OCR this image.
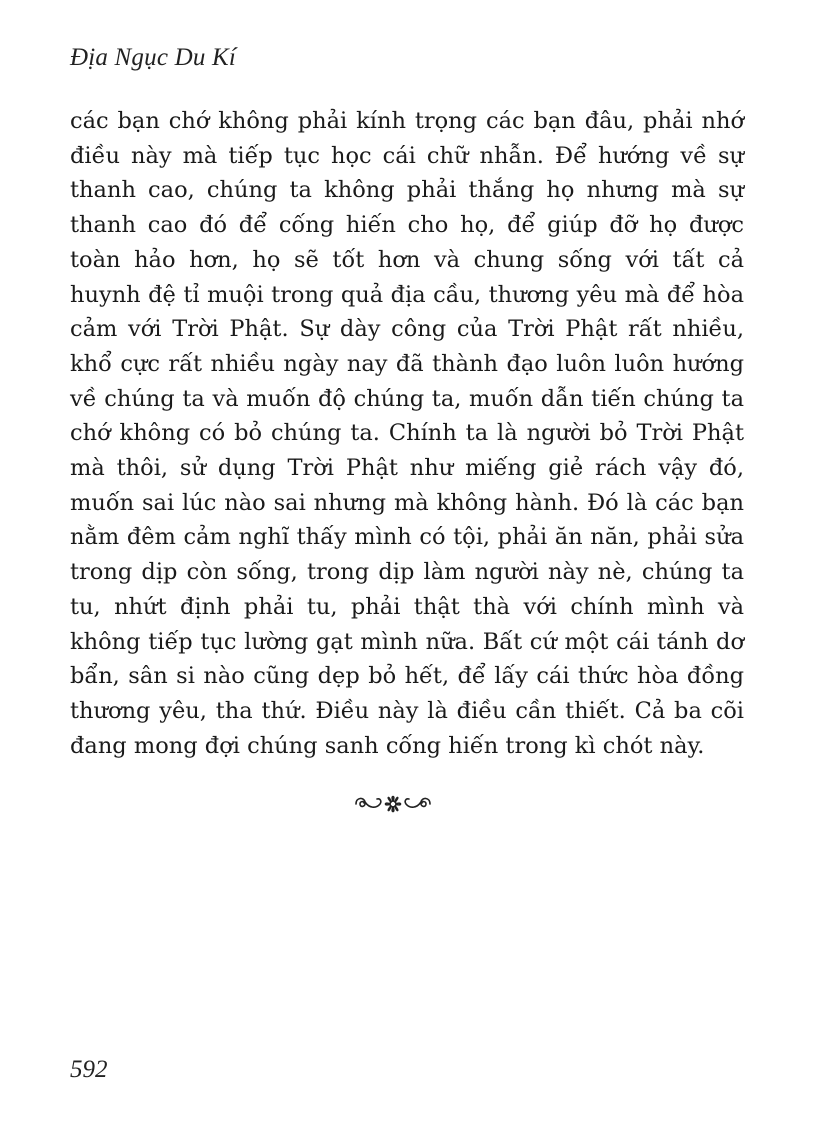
Địa Ngục Du Kí
các bạn chớ không phải kính trọng các bạn đâu, phải nhớ
điều này mà tiếp tục học cái chữ nhẫn. Để hướng về sự
thanh cao, chúng ta không phải thắng họ nhưng mà sự
thanh cao đó để cống hiến cho họ, để giúp đỡ họ được
toàn hảo hơn, họ sẽ tốt hơn và chung sống với tất cả
huynh đệ tỉ muội trong quả địa cầu, thương yêu mà để hòa
cảm với Trời Phật. Sự dày công của Trời Phật rất nhiều,
khổ cực rất nhiều ngày nay đã thành đạo luôn luôn hướng
về chúng ta và muốn độ chúng ta, muốn dẫn tiến chúng ta
chớ không có bỏ chúng ta. Chính ta là người bỏ Trời Phật
mà thôi, sử dụng Trời Phật như miếng giẻ rách vậy đó,
muốn sai lúc nào sai nhưng mà không hành. Đó là các bạn
nằm đêm cảm nghĩ thấy mình có tội, phải ăn năn, phải sửa
trong dịp còn sống, trong dịp làm người này nè, chúng ta
tu, nhứt định phải tu, phải thật thà với chính mình và
không tiếp tục lường gạt mình nữa. Bất cứ một cái tánh dơ
bẩn, sân si nào cũng dẹp bỏ hết, để lấy cái thức hòa đồng
thương yêu, tha thứ. Điều này là điều cần thiết. Cả ba cõi
đang mong đợi chúng sanh cống hiến trong kì chót này.
592
